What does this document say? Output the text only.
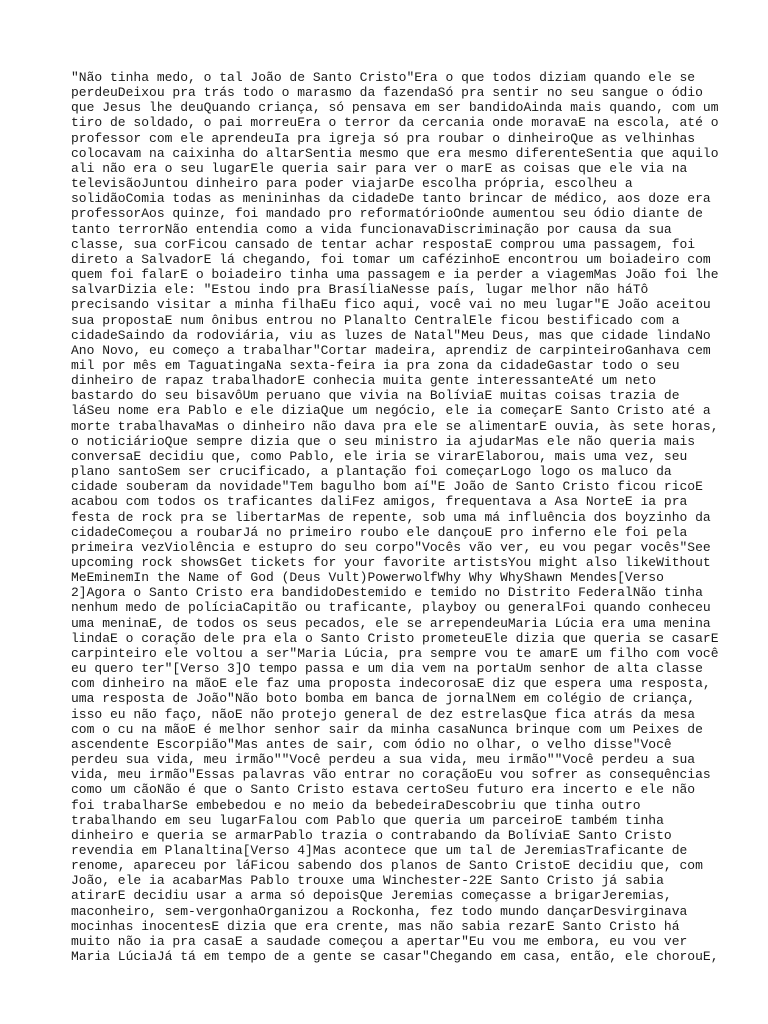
"Não tinha medo, o tal João de Santo Cristo"Era o que todos diziam quando ele se
perdeuDeixou pra trás todo o marasmo da fazendaSó pra sentir no seu sangue o ódio
que Jesus lhe deuQuando criança, só pensava em ser bandidoAinda mais quando, com um
tiro de soldado, o pai morreuEra o terror da cercania onde moravaE na escola, até o
professor com ele aprendeuIa pra igreja só pra roubar o dinheiroQue as velhinhas
colocavam na caixinha do altarSentia mesmo que era mesmo diferenteSentia que aquilo
ali não era o seu lugarEle queria sair para ver o marE as coisas que ele via na
televisãoJuntou dinheiro para poder viajarDe escolha própria, escolheu a
solidãoComia todas as menininhas da cidadeDe tanto brincar de médico, aos doze era
professorAos quinze, foi mandado pro reformatórioOnde aumentou seu ódio diante de
tanto terrorNão entendia como a vida funcionavaDiscriminação por causa da sua
classe, sua corFicou cansado de tentar achar respostaE comprou uma passagem, foi
direto a SalvadorE lá chegando, foi tomar um cafézinhoE encontrou um boiadeiro com
quem foi falarE o boiadeiro tinha uma passagem e ia perder a viagemMas João foi lhe
salvarDizia ele: "Estou indo pra BrasíliaNesse país, lugar melhor não háTô
precisando visitar a minha filhaEu fico aqui, você vai no meu lugar"E João aceitou
sua propostaE num ônibus entrou no Planalto CentralEle ficou bestificado com a
cidadeSaindo da rodoviária, viu as luzes de Natal"Meu Deus, mas que cidade lindaNo
Ano Novo, eu começo a trabalhar"Cortar madeira, aprendiz de carpinteiroGanhava cem
mil por mês em TaguatingaNa sexta-feira ia pra zona da cidadeGastar todo o seu
dinheiro de rapaz trabalhadorE conhecia muita gente interessanteAté um neto
bastardo do seu bisavôUm peruano que vivia na BolíviaE muitas coisas trazia de
láSeu nome era Pablo e ele diziaQue um negócio, ele ia começarE Santo Cristo até a
morte trabalhavaMas o dinheiro não dava pra ele se alimentarE ouvia, às sete horas,
o noticiárioQue sempre dizia que o seu ministro ia ajudarMas ele não queria mais
conversaE decidiu que, como Pablo, ele iria se virarElaborou, mais uma vez, seu
plano santoSem ser crucificado, a plantação foi começarLogo logo os maluco da
cidade souberam da novidade"Tem bagulho bom aí"E João de Santo Cristo ficou ricoE
acabou com todos os traficantes daliFez amigos, frequentava a Asa NorteE ia pra
festa de rock pra se libertarMas de repente, sob uma má influência dos boyzinho da
cidadeComeçou a roubarJá no primeiro roubo ele dançouE pro inferno ele foi pela
primeira vezViolência e estupro do seu corpo"Vocês vão ver, eu vou pegar vocês"See
upcoming rock showsGet tickets for your favorite artistsYou might also likeWithout
MeEminemIn the Name of God (Deus Vult)PowerwolfWhy Why WhyShawn Mendes[Verso
2]Agora o Santo Cristo era bandidoDestemido e temido no Distrito FederalNão tinha
nenhum medo de políciaCapitão ou traficante, playboy ou generalFoi quando conheceu
uma meninaE, de todos os seus pecados, ele se arrependeuMaria Lúcia era uma menina
lindaE o coração dele pra ela o Santo Cristo prometeuEle dizia que queria se casarE
carpinteiro ele voltou a ser"Maria Lúcia, pra sempre vou te amarE um filho com você
eu quero ter"[Verso 3]O tempo passa e um dia vem na portaUm senhor de alta classe
com dinheiro na mãoE ele faz uma proposta indecorosaE diz que espera uma resposta,
uma resposta de João"Não boto bomba em banca de jornalNem em colégio de criança,
isso eu não faço, nãoE não protejo general de dez estrelasQue fica atrás da mesa
com o cu na mãoE é melhor senhor sair da minha casaNunca brinque com um Peixes de
ascendente Escorpião"Mas antes de sair, com ódio no olhar, o velho disse"Você
perdeu sua vida, meu irmão""Você perdeu a sua vida, meu irmão""Você perdeu a sua
vida, meu irmão"Essas palavras vão entrar no coraçãoEu vou sofrer as consequências
como um cãoNão é que o Santo Cristo estava certoSeu futuro era incerto e ele não
foi trabalharSe embebedou e no meio da bebedeiraDescobriu que tinha outro
trabalhando em seu lugarFalou com Pablo que queria um parceiroE também tinha
dinheiro e queria se armarPablo trazia o contrabando da BolíviaE Santo Cristo
revendia em Planaltina[Verso 4]Mas acontece que um tal de JeremiasTraficante de
renome, apareceu por láFicou sabendo dos planos de Santo CristoE decidiu que, com
João, ele ia acabarMas Pablo trouxe uma Winchester-22E Santo Cristo já sabia
atirarE decidiu usar a arma só depoisQue Jeremias começasse a brigarJeremias,
maconheiro, sem-vergonhaOrganizou a Rockonha, fez todo mundo dançarDesvirginava
mocinhas inocentesE dizia que era crente, mas não sabia rezarE Santo Cristo há
muito não ia pra casaE a saudade começou a apertar"Eu vou me embora, eu vou ver
Maria LúciaJá tá em tempo de a gente se casar"Chegando em casa, então, ele chorouE,
